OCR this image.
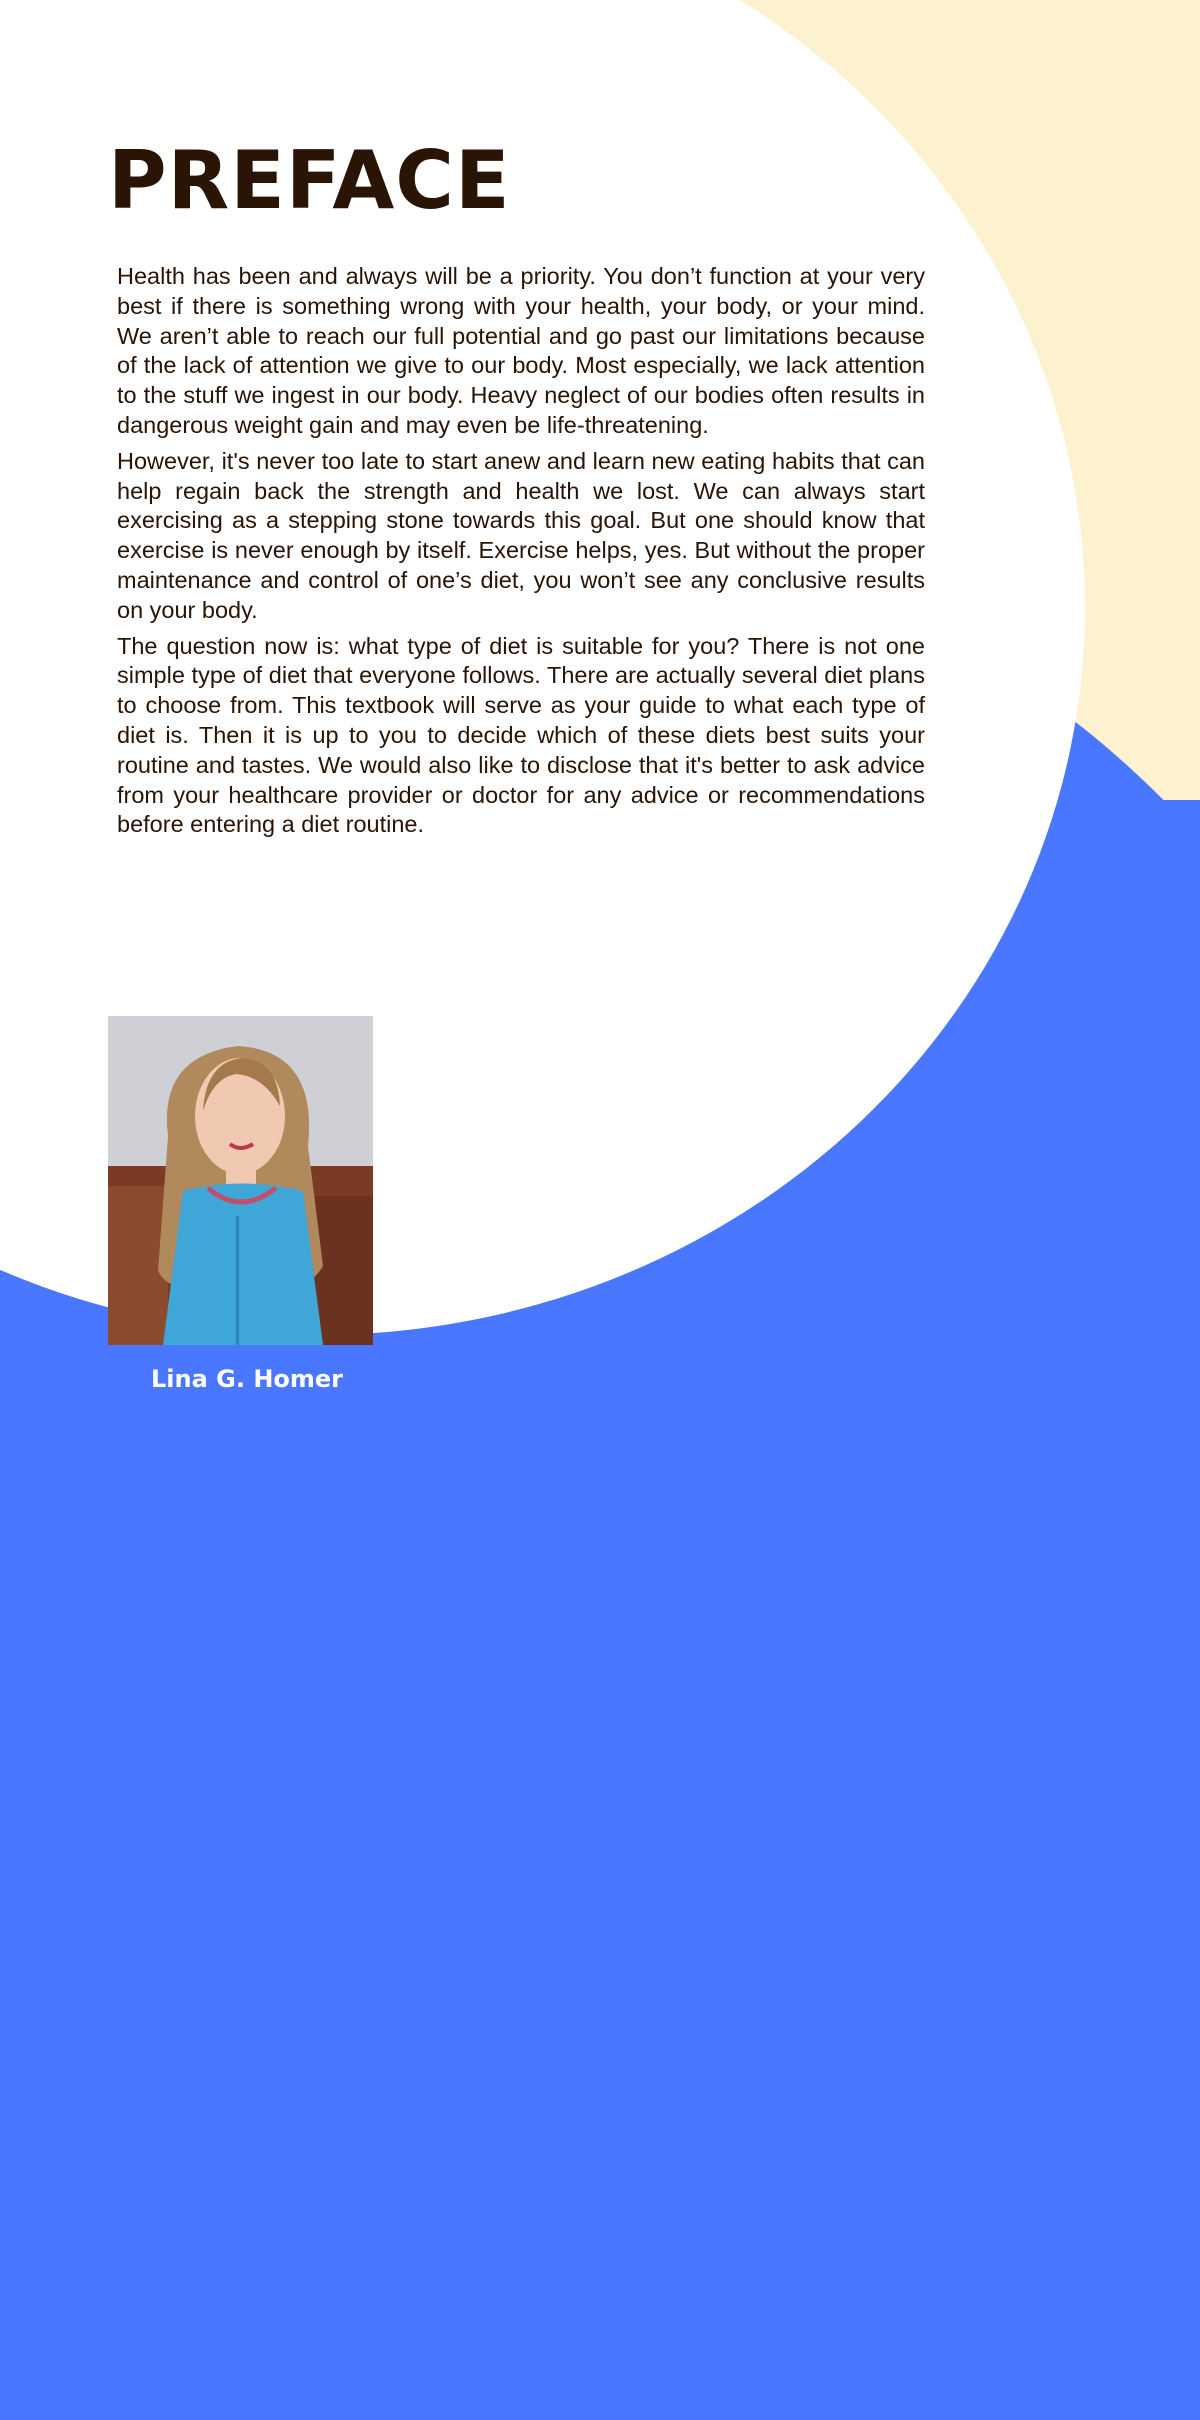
PREFACE

Health has been and always will be a priority. You don’t function at your very best if there is something wrong with your health, your body, or your mind. We aren’t able to reach our full potential and go past our limitations because of the lack of attention we give to our body. Most especially, we lack attention to the stuff we ingest in our body. Heavy neglect of our bodies often results in dangerous weight gain and may even be life-threatening.

However, it's never too late to start anew and learn new eating habits that can help regain back the strength and health we lost. We can always start exercising as a stepping stone towards this goal. But one should know that exercise is never enough by itself. Exercise helps, yes. But without the proper maintenance and control of one’s diet, you won’t see any conclusive results on your body.

The question now is: what type of diet is suitable for you? There is not one simple type of diet that everyone follows. There are actually several diet plans to choose from. This textbook will serve as your guide to what each type of diet is. Then it is up to you to decide which of these diets best suits your routine and tastes. We would also like to disclose that it's better to ask advice from your healthcare provider or doctor for any advice or recommendations before entering a diet routine.

Lina G. Homer
